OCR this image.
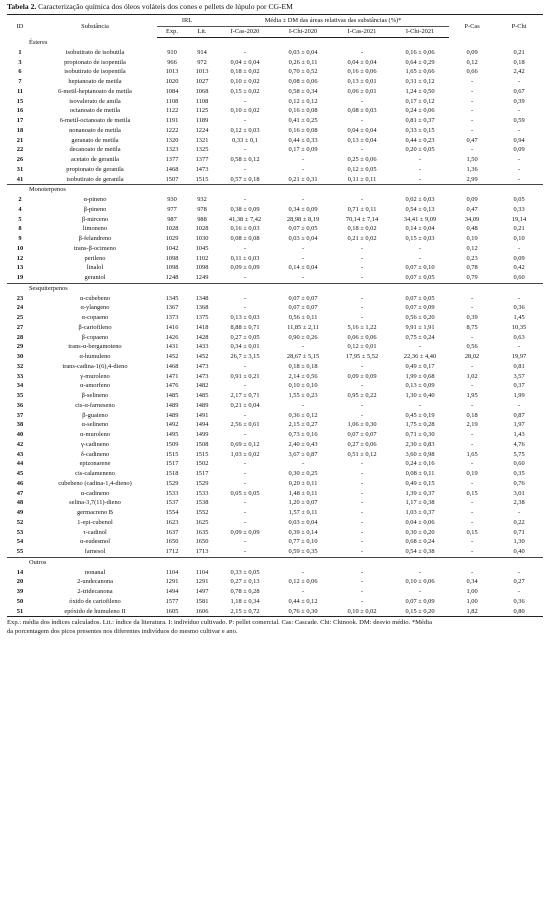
Tabela 2. Caracterização química dos óleos voláteis dos cones e pellets de lúpulo por CG-EM
ID	Substância	IRL		Média ± DM das áreas relativas das substâncias (%)*				P-Cas	P-Chi
		Exp.	Lit.	I-Cas-2020	I-Chi-2020	I-Cas-2021	I-Chi-2021		
Ésteres									
1	isobutirato de isobutila	910	914	-	0,03 ± 0,04	-	0,16 ± 0,06	0,09	0,21
3	propionato de isopentila	966	972	0,04 ± 0,04	0,26 ± 0,11	0,04 ± 0,04	0,64 ± 0,29	0,12	0,18
6	isobutirato de isopentila	1013	1013	0,18 ± 0,02	0,70 ± 0,52	0,16 ± 0,06	1,65 ± 0,66	0,66	2,42
7	heptanoato de metila	1020	1027	0,10 ± 0,02	0,08 ± 0,06	0,13 ± 0,01	0,31 ± 0,12	-	-
11	6-metil-heptanoato de metila	1084	1068	0,15 ± 0,02	0,58 ± 0,34	0,06 ± 0,01	1,24 ± 0,50	-	0,67
15	isovalerato de amila	1108	1108	-	0,12 ± 0,12	-	0,17 ± 0,12	-	0,39
16	octanoato de metila	1122	1125	0,10 ± 0,02	0,16 ± 0,08	0,08 ± 0,03	0,24 ± 0,06	-	-
17	6-metil-octanoato de metila	1191	1189	-	0,41 ± 0,25	-	0,81 ± 0,37	-	0,59
18	nonanoato de metila	1222	1224	0,12 ± 0,03	0,16 ± 0,08	0,04 ± 0,04	0,33 ± 0,15	-	-
21	geranato de metila	1320	1321	0,33 ± 0,1	0,44 ± 0,33	0,13 ± 0,04	0,44 ± 0,23	0,47	0,94
22	decanoato de metila	1323	1325	-	0,17 ± 0,09	-	0,20 ± 0,05	-	0,09
26	acetato de geranila	1377	1377	0,58 ± 0,12	-	0,25 ± 0,06	-	1,50	-
31	propionato de geranila	1468	1473	-	-	0,12 ± 0,05	-	1,36	-
41	isobutirato de geranila	1507	1515	0,57 ± 0,18	0,21 ± 0,31	0,11 ± 0,11	-	2,99	-
Monoterpenos									
2	α-pineno	930	932	-	-	-	0,02 ± 0,03	0,09	0,05
4	β-pineno	977	978	0,38 ± 0,09	0,34 ± 0,09	0,71 ± 0,11	0,54 ± 0,13	0,47	0,33
5	β-mirceno	987	988	41,38 ± 7,42	28,98 ± 8,19	70,14 ± 7,14	34,41 ± 9,09	34,09	19,14
8	limoneno	1028	1028	0,16 ± 0,03	0,07 ± 0,05	0,18 ± 0,02	0,14 ± 0,04	0,48	0,21
9	β-felandreno	1029	1030	0,08 ± 0,08	0,03 ± 0,04	0,21 ± 0,02	0,15 ± 0,03	0,19	0,10
10	trans-β-ocimeno	1042	1045	-	-	-	-	0,12	-
12	perileno	1098	1102	0,11 ± 0,03	-	-	-	0,23	0,09
13	linalol	1098	1098	0,09 ± 0,09	0,14 ± 0,04	-	0,07 ± 0,10	0,78	0,42
19	geraniol	1248	1249	-	-	-	0,07 ± 0,05	0,79	0,60
Sesquiterpenos									
23	α-cubebeno	1345	1348	-	0,07 ± 0,07	-	0,07 ± 0,05	-	-
24	α-ylangeno	1367	1368	-	0,07 ± 0,07	-	0,07 ± 0,09	-	0,36
25	α-copaeno	1373	1375	0,13 ± 0,03	0,56 ± 0,11	-	0,56 ± 0,20	0,39	1,45
27	β-cariofileno	1416	1418	8,88 ± 0,71	11,85 ± 2,11	5,16 ± 1,22	9,91 ± 1,91	8,75	10,35
28	β-copaeno	1426	1428	0,27 ± 0,05	0,90 ± 0,26	0,06 ± 0,06	0,75 ± 0,24	-	0,63
29	trans-α-bergamoteno	1431	1433	0,34 ± 0,01	-	0,12 ± 0,01	-	0,56	-
30	α-humuleno	1452	1452	26,7 ± 3,15	28,67 ± 5,15	17,95 ± 5,52	22,36 ± 4,40	28,02	19,97
32	trans-cadina-1(6),4-dieno	1468	1473	-	0,18 ± 0,18	-	0,49 ± 0,17	-	0,81
33	γ-muroleno	1471	1473	0,91 ± 0,21	2,14 ± 0,56	0,09 ± 0,09	1,99 ± 0,68	1,02	3,57
34	α-amorfeno	1476	1482	-	0,10 ± 0,10	-	0,13 ± 0,09	-	0,37
35	β-selineno	1485	1485	2,17 ± 0,71	1,55 ± 0,23	0,95 ± 0,22	1,30 ± 0,40	1,95	1,99
36	cis-α-farneseno	1489	1489	0,21 ± 0,04	-	-	-	-	-
37	β-guaieno	1489	1491	-	0,36 ± 0,12	-	0,45 ± 0,19	0,18	0,87
38	α-selineno	1492	1494	2,56 ± 0,61	2,15 ± 0,27	1,06 ± 0,30	1,75 ± 0,28	2,19	1,97
40	α-muroleno	1495	1499	-	0,73 ± 0,16	0,07 ± 0,07	0,71 ± 0,30	-	1,43
42	γ-cadineno	1509	1508	0,69 ± 0,12	2,40 ± 0,43	0,27 ± 0,06	2,30 ± 0,83	-	4,76
43	δ-cadineno	1515	1515	1,03 ± 0,02	3,67 ± 0,87	0,51 ± 0,12	3,60 ± 0,98	1,65	5,75
44	epizonarene	1517	1502	-	-	-	0,24 ± 0,16	-	0,60
45	cis-calameneno	1518	1517	-	0,30 ± 0,25	-	0,08 ± 0,11	0,19	0,35
46	cubebeno (cadina-1,4-dieno)	1529	1529	-	0,20 ± 0,11	-	0,49 ± 0,15	-	0,76
47	α-cadineno	1533	1533	0,05 ± 0,05	1,48 ± 0,11	-	1,39 ± 0,37	0,15	3,01
48	selina-3,7(11)-dieno	1537	1538	-	1,20 ± 0,07	-	1,17 ± 0,38	-	2,38
49	germacreno B	1554	1552	-	1,57 ± 0,11	-	1,03 ± 0,37	-	-
52	1-epi-cubenol	1623	1625	-	0,03 ± 0,04	-	0,04 ± 0,06	-	0,22
53	τ-cadinol	1637	1635	0,09 ± 0,09	0,39 ± 0,14	-	0,30 ± 0,20	0,15	0,71
54	α-eudesmol	1650	1650	-	0,77 ± 0,10	-	0,68 ± 0,24	-	1,30
55	farnesol	1712	1713	-	0,59 ± 0,35	-	0,54 ± 0,38	-	0,40
Outros									
14	nonanal	1104	1104	0,33 ± 0,05	-	-	-	-	-
20	2-undecanona	1291	1291	0,27 ± 0,13	0,12 ± 0,06	-	0,10 ± 0,06	0,34	0,27
39	2-tridecanona	1494	1497	0,78 ± 0,28	-	-	-	1,00	-
50	óxido de cariofileno	1577	1581	1,18 ± 0,34	0,44 ± 0,12	-	0,07 ± 0,09	1,00	0,36
51	epóxido de humuleno II	1605	1606	2,15 ± 0,72	0,76 ± 0,30	0,10 ± 0,02	0,15 ± 0,20	1,82	0,80
Exp.: média dos índices calculados. Lit.: índice da literatura. I: indivíduo cultivado. P: pellet comercial. Cas: Cascade. Chi: Chinook. DM: desvio médio. *Média
da porcentagem dos picos presentes nos diferentes indivíduos do mesmo cultivar e ano.
